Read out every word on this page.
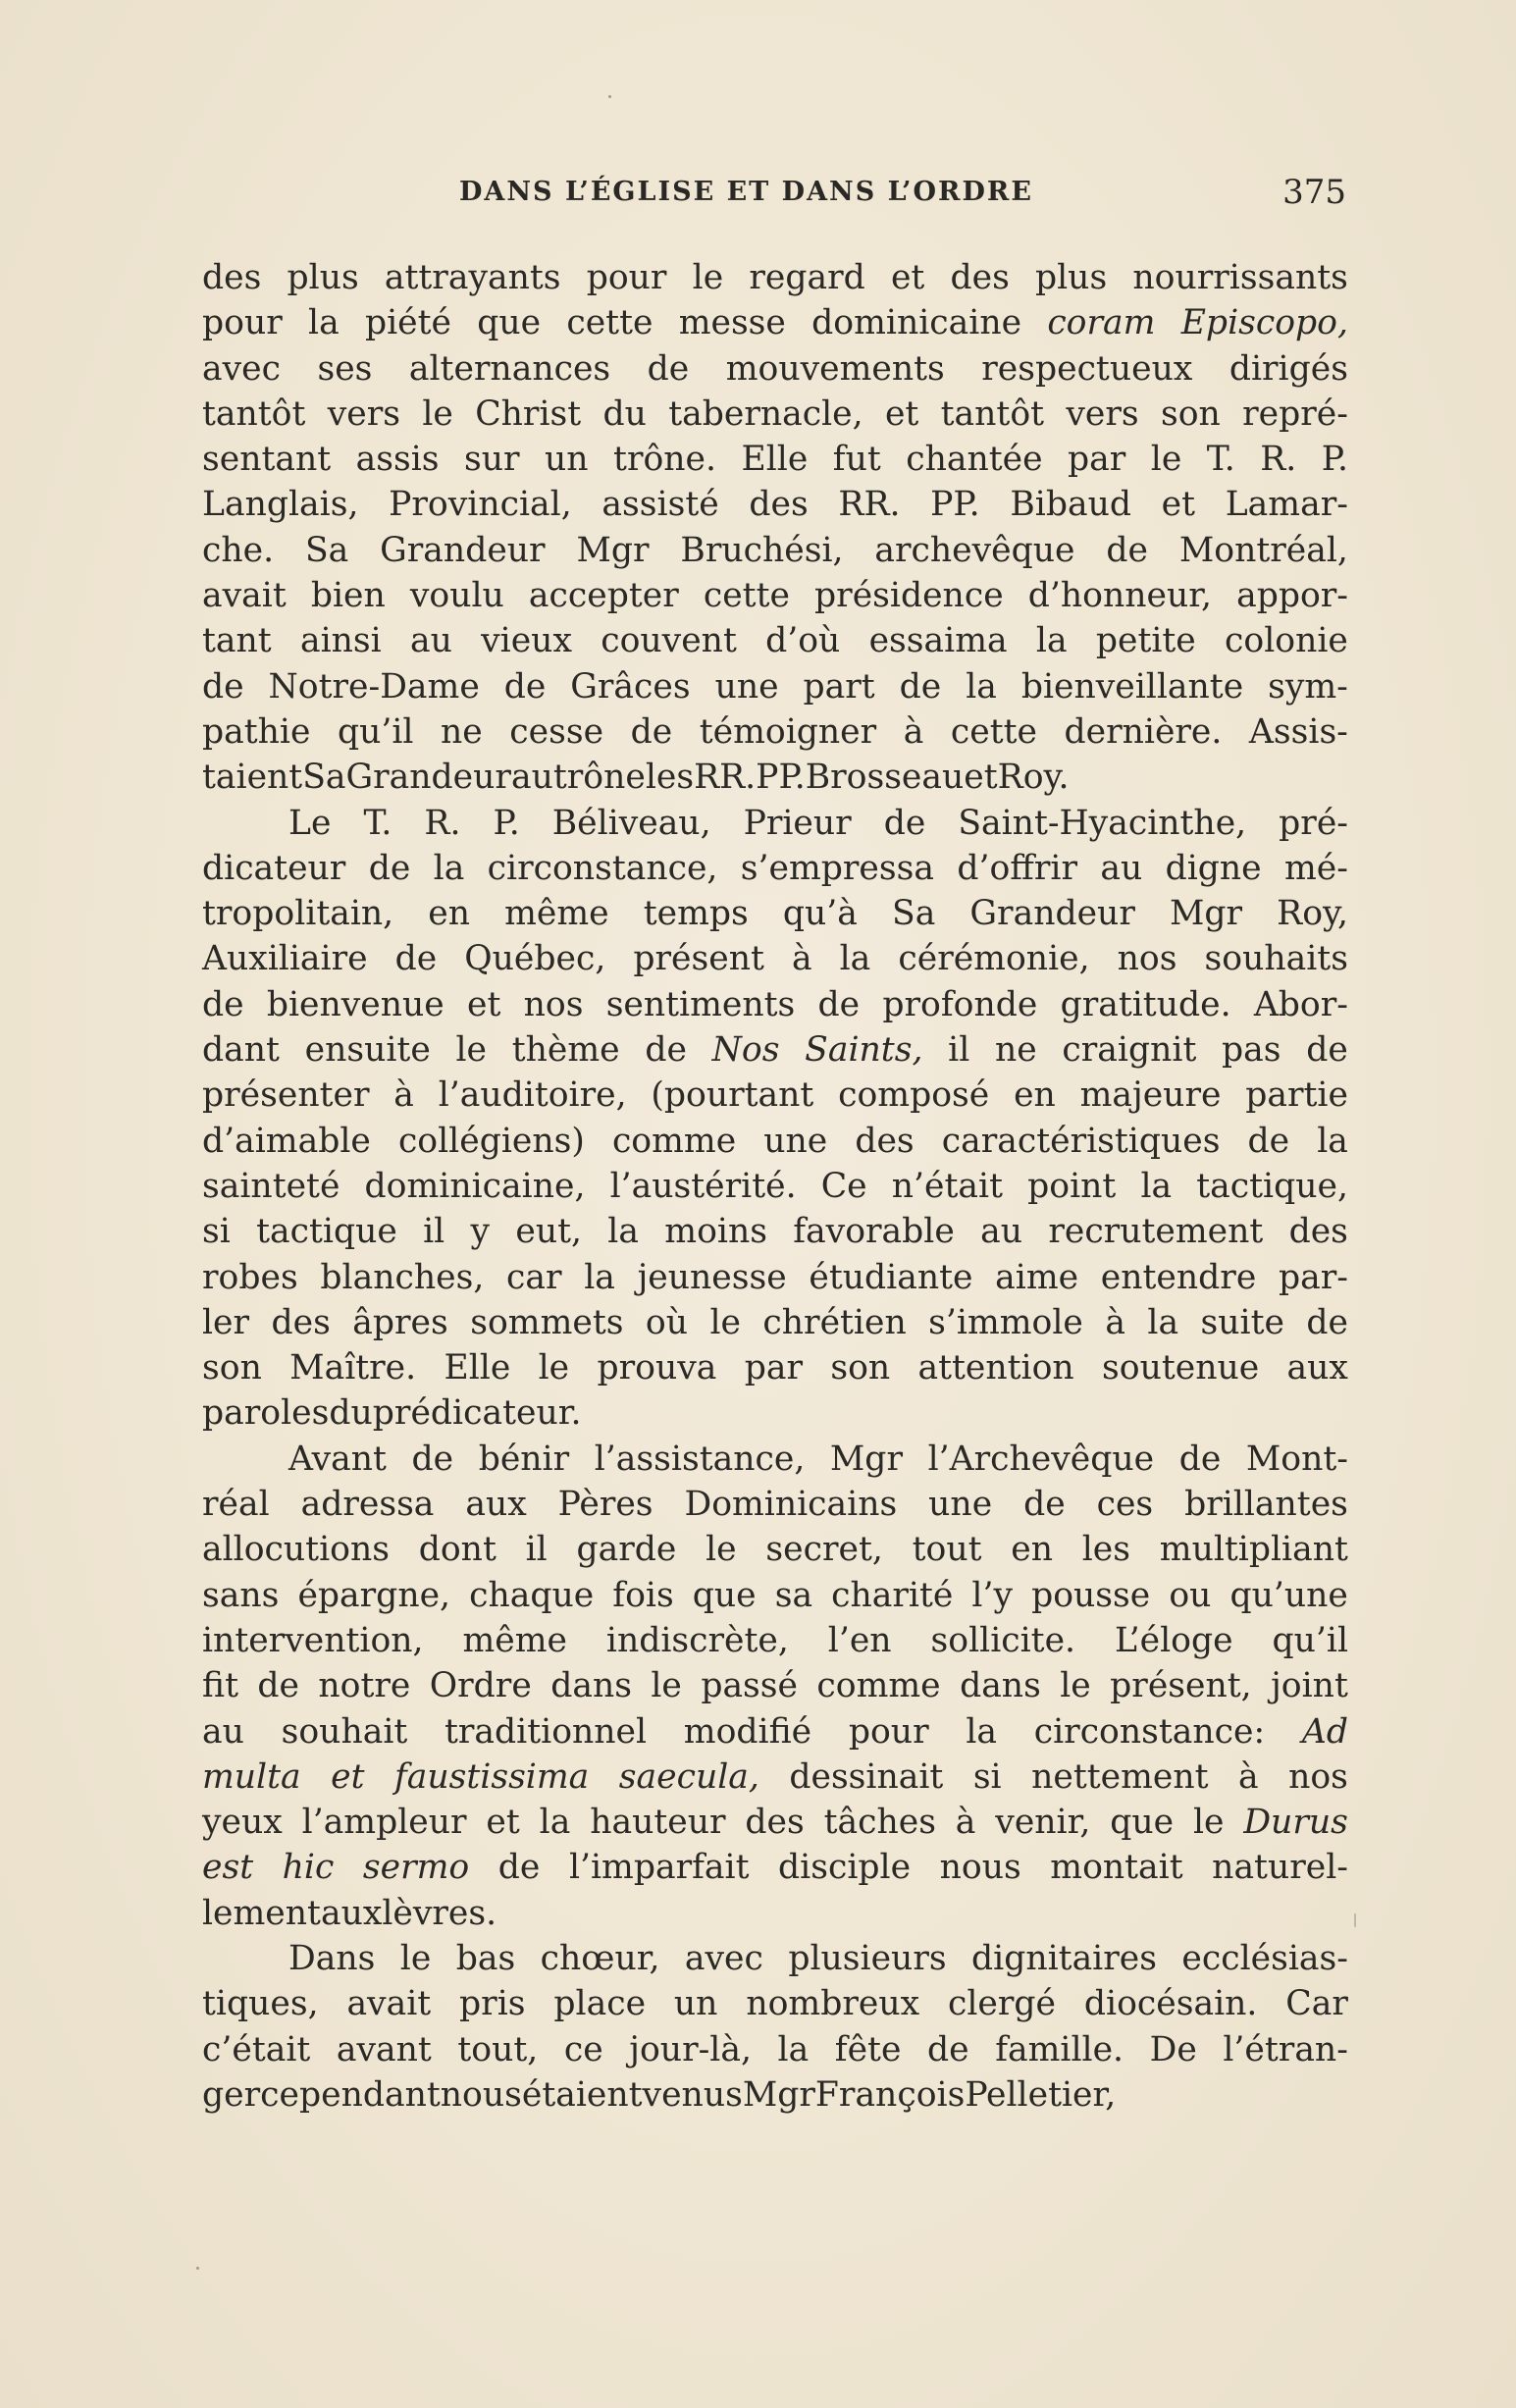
DANS L’ÉGLISE ET DANS L’ORDRE	375
des plus attrayants pour le regard et des plus nourrissants
pour la piété que cette messe dominicaine coram Episcopo,
avec ses alternances de mouvements respectueux dirigés
tantôt vers le Christ du tabernacle, et tantôt vers son repré-
sentant assis sur un trône. Elle fut chantée par le T. R. P.
Langlais, Provincial, assisté des RR. PP. Bibaud et Lamar-
che. Sa Grandeur Mgr Bruchési, archevêque de Montréal,
avait bien voulu accepter cette présidence d’honneur, appor-
tant ainsi au vieux couvent d’où essaima la petite colonie
de Notre-Dame de Grâces une part de la bienveillante sym-
pathie qu’il ne cesse de témoigner à cette dernière. Assis-
taient Sa Grandeur au trône les RR. PP. Brosseau et Roy.
Le T. R. P. Béliveau, Prieur de Saint-Hyacinthe, pré-
dicateur de la circonstance, s’empressa d’offrir au digne mé-
tropolitain, en même temps qu’à Sa Grandeur Mgr Roy,
Auxiliaire de Québec, présent à la cérémonie, nos souhaits
de bienvenue et nos sentiments de profonde gratitude. Abor-
dant ensuite le thème de Nos Saints, il ne craignit pas de
présenter à l’auditoire, (pourtant composé en majeure partie
d’aimable collégiens) comme une des caractéristiques de la
sainteté dominicaine, l’austérité. Ce n’était point la tactique,
si tactique il y eut, la moins favorable au recrutement des
robes blanches, car la jeunesse étudiante aime entendre par-
ler des âpres sommets où le chrétien s’immole à la suite de
son Maître. Elle le prouva par son attention soutenue aux
paroles du prédicateur.
Avant de bénir l’assistance, Mgr l’Archevêque de Mont-
réal adressa aux Pères Dominicains une de ces brillantes
allocutions dont il garde le secret, tout en les multipliant
sans épargne, chaque fois que sa charité l’y pousse ou qu’une
intervention, même indiscrète, l’en sollicite. L’éloge qu’il
fit de notre Ordre dans le passé comme dans le présent, joint
au souhait traditionnel modifié pour la circonstance: Ad
multa et faustissima saecula, dessinait si nettement à nos
yeux l’ampleur et la hauteur des tâches à venir, que le Durus
est hic sermo de l’imparfait disciple nous montait naturel-
lement aux lèvres.
Dans le bas chœur, avec plusieurs dignitaires ecclésias-
tiques, avait pris place un nombreux clergé diocésain. Car
c’était avant tout, ce jour-là, la fête de famille. De l’étran-
ger cependant nous étaient venus Mgr François Pelletier,
